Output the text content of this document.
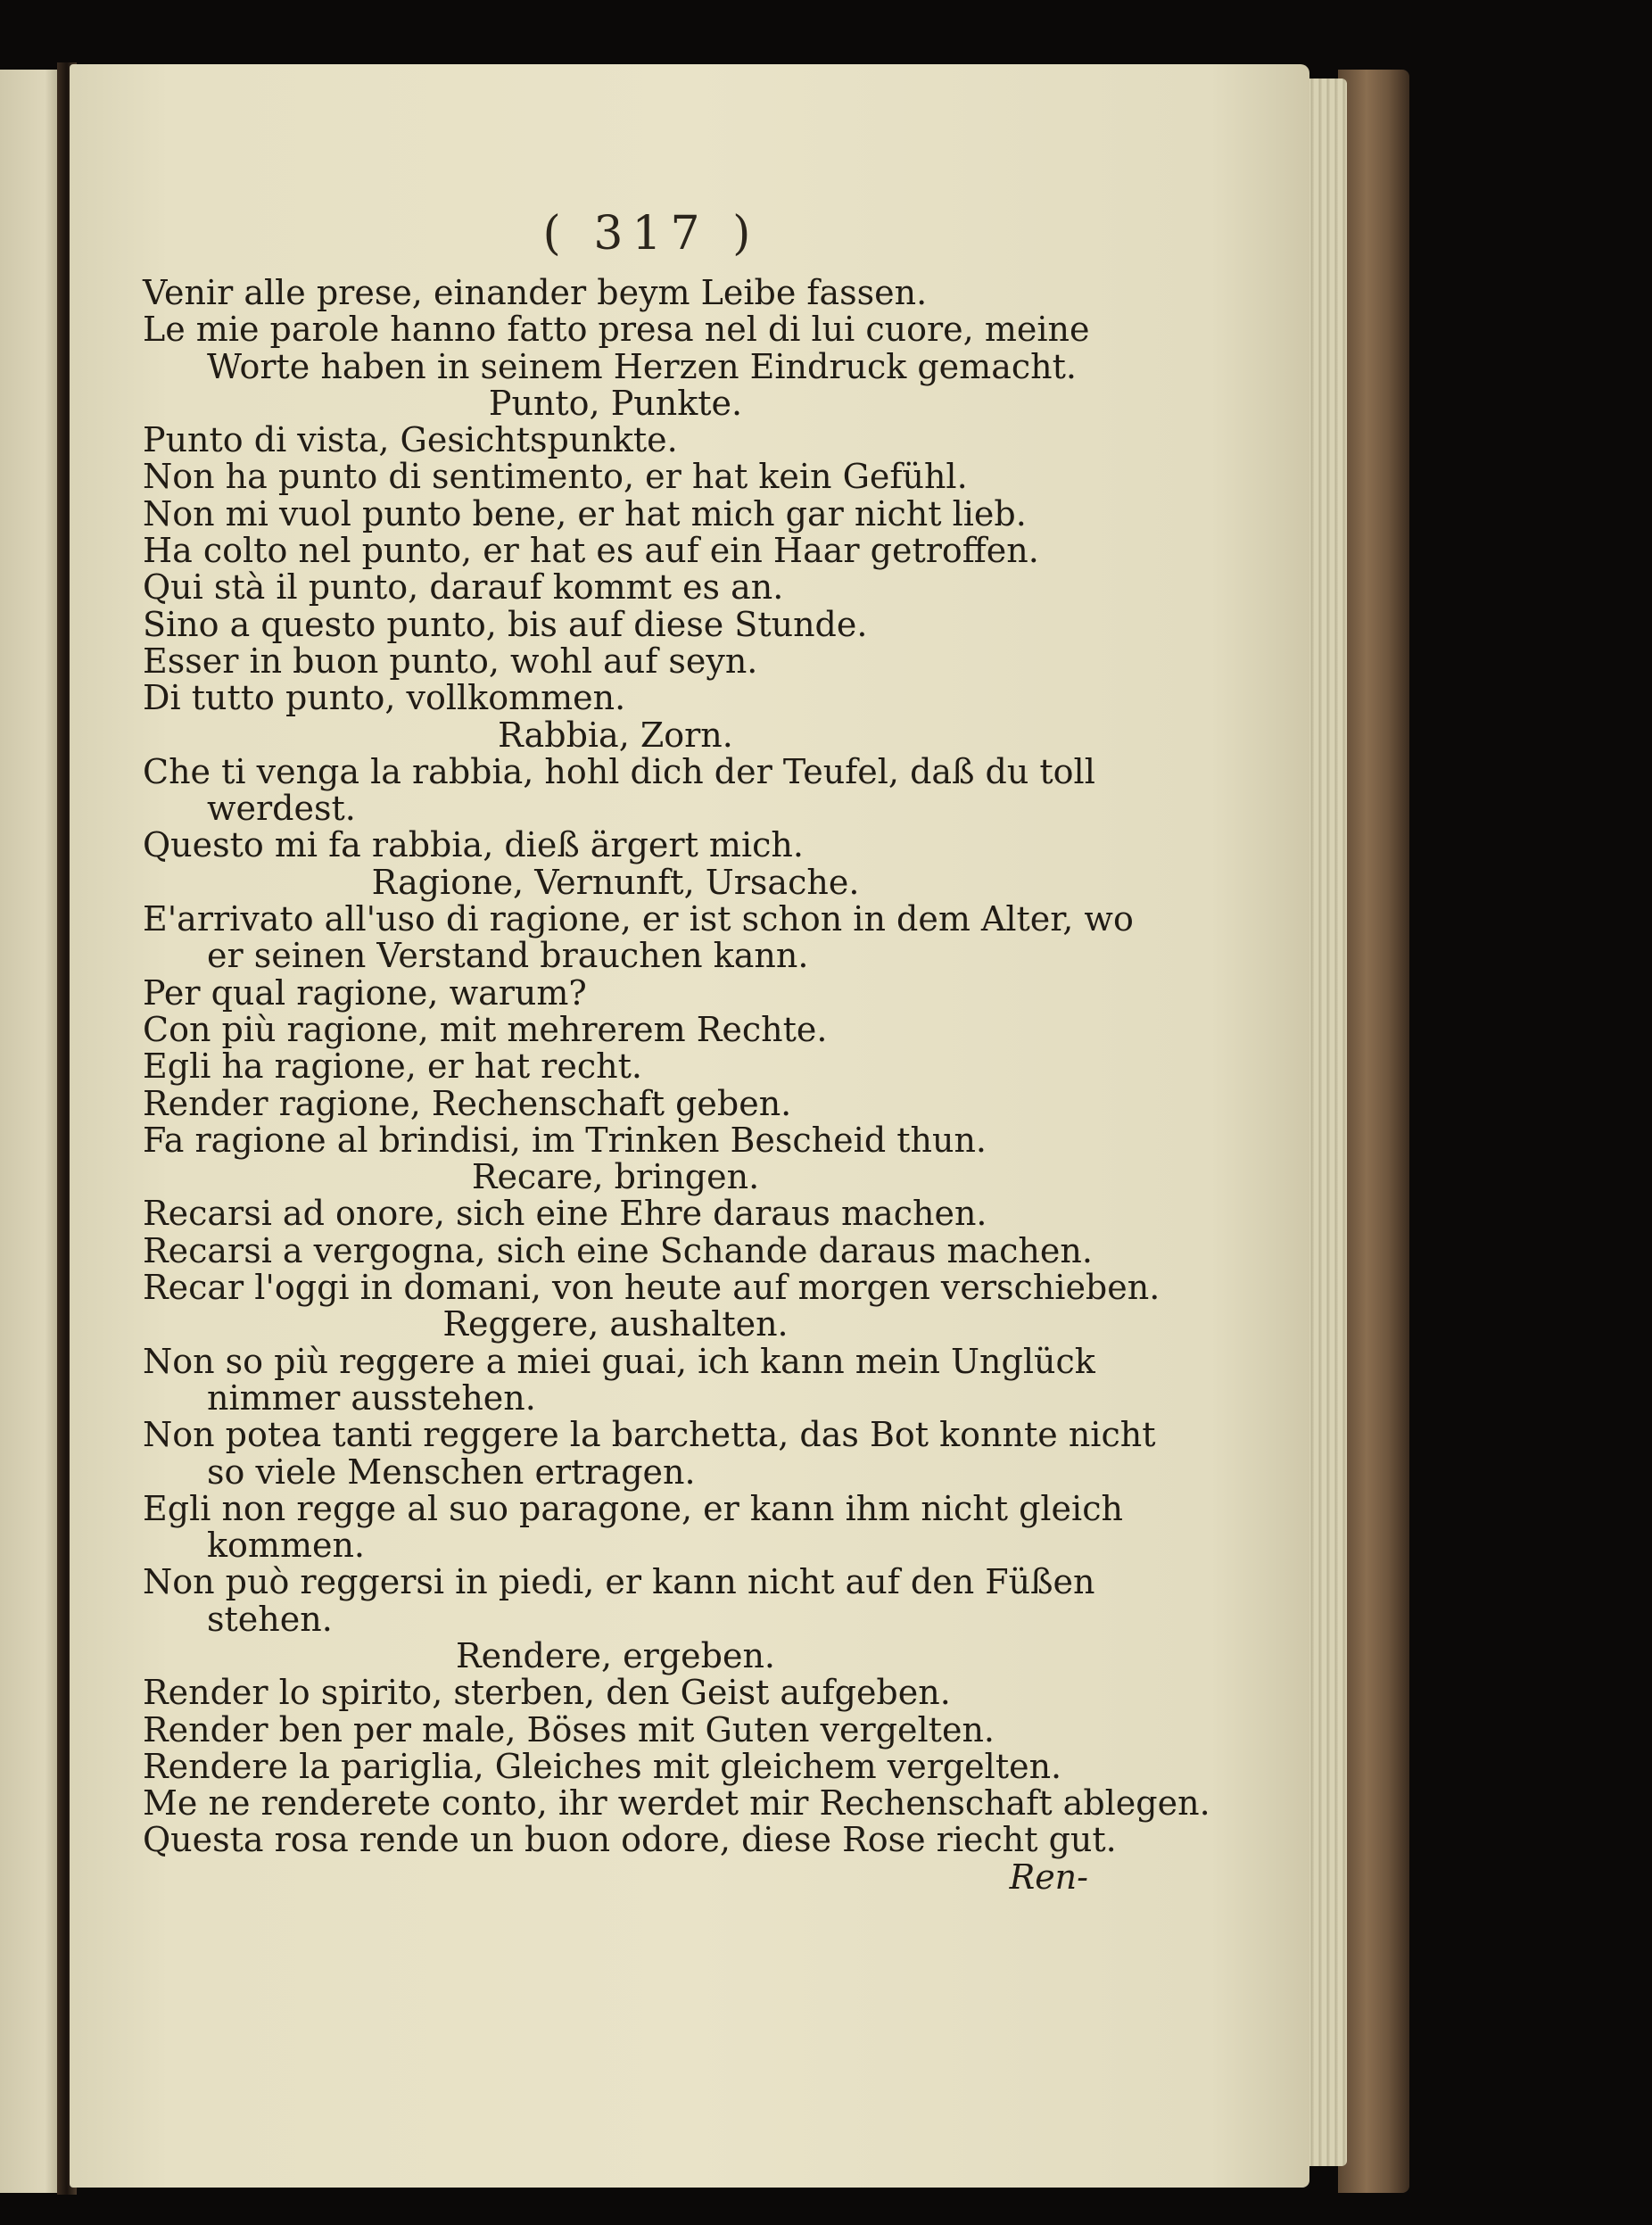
( 317 )
Venir alle prese, einander beym Leibe fassen.
Le mie parole hanno fatto presa nel di lui cuore, meine
Worte haben in seinem Herzen Eindruck gemacht.
Punto, Punkte.
Punto di vista, Gesichtspunkte.
Non ha punto di sentimento, er hat kein Gefühl.
Non mi vuol punto bene, er hat mich gar nicht lieb.
Ha colto nel punto, er hat es auf ein Haar getroffen.
Qui stà il punto, darauf kommt es an.
Sino a questo punto, bis auf diese Stunde.
Esser in buon punto, wohl auf seyn.
Di tutto punto, vollkommen.
Rabbia, Zorn.
Che ti venga la rabbia, hohl dich der Teufel, daß du toll
werdest.
Questo mi fa rabbia, dieß ärgert mich.
Ragione, Vernunft, Ursache.
E'arrivato all'uso di ragione, er ist schon in dem Alter, wo
er seinen Verstand brauchen kann.
Per qual ragione, warum?
Con più ragione, mit mehrerem Rechte.
Egli ha ragione, er hat recht.
Render ragione, Rechenschaft geben.
Fa ragione al brindisi, im Trinken Bescheid thun.
Recare, bringen.
Recarsi ad onore, sich eine Ehre daraus machen.
Recarsi a vergogna, sich eine Schande daraus machen.
Recar l'oggi in domani, von heute auf morgen verschieben.
Reggere, aushalten.
Non so più reggere a miei guai, ich kann mein Unglück
nimmer ausstehen.
Non potea tanti reggere la barchetta, das Bot konnte nicht
so viele Menschen ertragen.
Egli non regge al suo paragone, er kann ihm nicht gleich
kommen.
Non può reggersi in piedi, er kann nicht auf den Füßen
stehen.
Rendere, ergeben.
Render lo spirito, sterben, den Geist aufgeben.
Render ben per male, Böses mit Guten vergelten.
Rendere la pariglia, Gleiches mit gleichem vergelten.
Me ne renderete conto, ihr werdet mir Rechenschaft ablegen.
Questa rosa rende un buon odore, diese Rose riecht gut.
Ren-
